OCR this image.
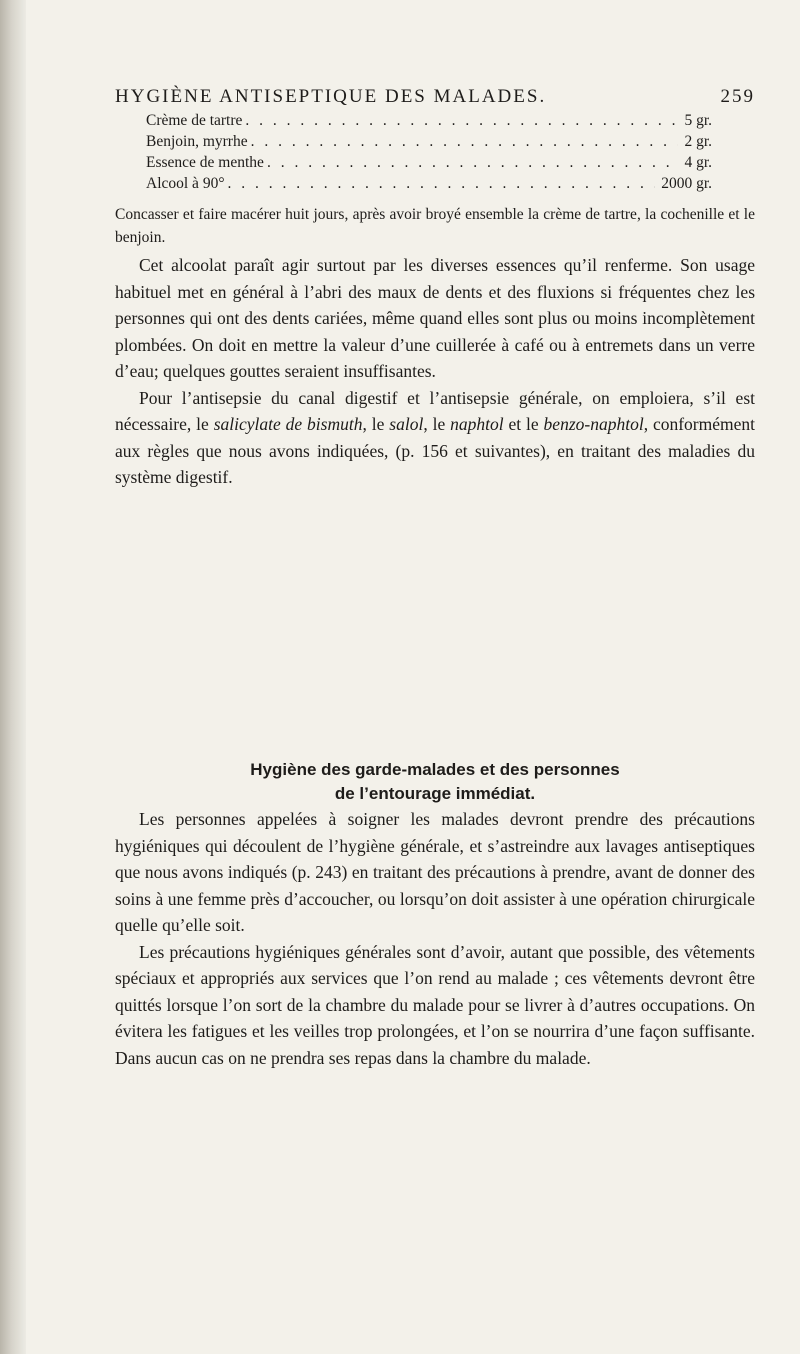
HYGIÈNE ANTISEPTIQUE DES MALADES.	259
Crème de tartre . . .	5 gr.
Benjoin, myrrhe . . .	2 gr.
Essence de menthe . . .	4 gr.
Alcool à 90° . . .	2000 gr.
Concasser et faire macérer huit jours, après avoir broyé ensemble la crème de tartre, la cochenille et le benjoin.

Cet alcoolat paraît agir surtout par les diverses essences qu’il renferme. Son usage habituel met en général à l’abri des maux de dents et des fluxions si fréquentes chez les personnes qui ont des dents cariées, même quand elles sont plus ou moins incomplètement plombées. On doit en mettre la valeur d’une cuillerée à café ou à entremets dans un verre d’eau; quelques gouttes seraient insuffisantes.

Pour l’antisepsie du canal digestif et l’antisepsie générale, on emploiera, s’il est nécessaire, le salicylate de bismuth, le salol, le naphtol et le benzo-naphtol, conformément aux règles que nous avons indiquées, (p. 156 et suivantes), en traitant des maladies du système digestif.

Hygiène des garde-malades et des personnes
de l’entourage immédiat.

Les personnes appelées à soigner les malades devront prendre des précautions hygiéniques qui découlent de l’hygiène générale, et s’astreindre aux lavages antiseptiques que nous avons indiqués (p. 243) en traitant des précautions à prendre, avant de donner des soins à une femme près d’accoucher, ou lorsqu’on doit assister à une opération chirurgicale quelle qu’elle soit.

Les précautions hygiéniques générales sont d’avoir, autant que possible, des vêtements spéciaux et appropriés aux services que l’on rend au malade ; ces vêtements devront être quittés lorsque l’on sort de la chambre du malade pour se livrer à d’autres occupations. On évitera les fatigues et les veilles trop prolongées, et l’on se nourrira d’une façon suffisante. Dans aucun cas on ne prendra ses repas dans la chambre du malade.
